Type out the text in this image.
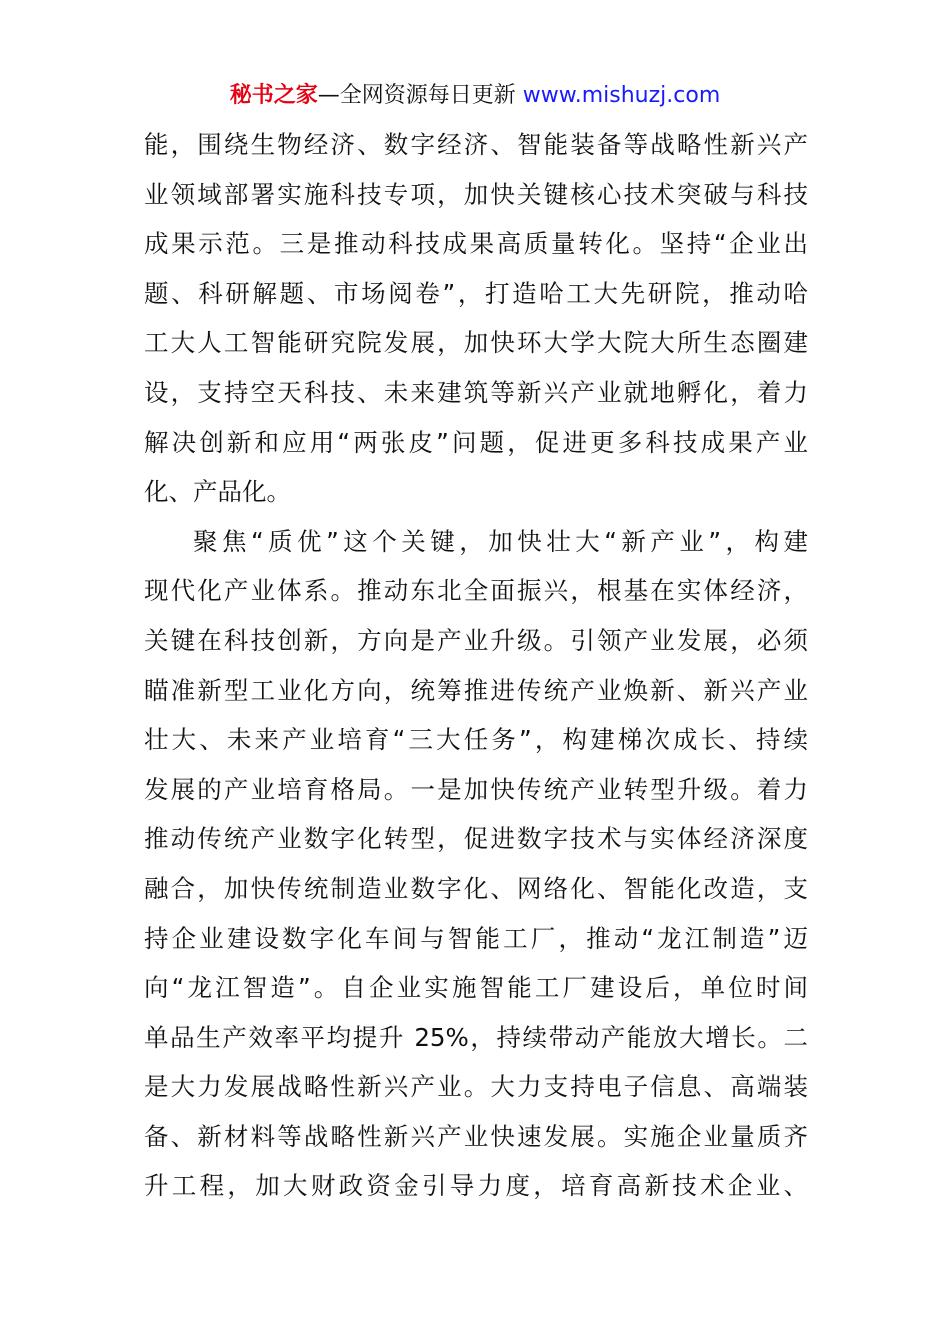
秘书之家—全网资源每日更新 www.mishuzj.com
能，围绕生物经济、数字经济、智能装备等战略性新兴产
业领域部署实施科技专项，加快关键核心技术突破与科技
成果示范。三是推动科技成果高质量转化。坚持“企业出
题、科研解题、市场阅卷”，打造哈工大先研院，推动哈
工大人工智能研究院发展，加快环大学大院大所生态圈建
设，支持空天科技、未来建筑等新兴产业就地孵化，着力
解决创新和应用“两张皮”问题，促进更多科技成果产业
化、产品化。
聚焦“质优”这个关键，加快壮大“新产业”，构建
现代化产业体系。推动东北全面振兴，根基在实体经济，
关键在科技创新，方向是产业升级。引领产业发展，必须
瞄准新型工业化方向，统筹推进传统产业焕新、新兴产业
壮大、未来产业培育“三大任务”，构建梯次成长、持续
发展的产业培育格局。一是加快传统产业转型升级。着力
推动传统产业数字化转型，促进数字技术与实体经济深度
融合，加快传统制造业数字化、网络化、智能化改造，支
持企业建设数字化车间与智能工厂，推动“龙江制造”迈
向“龙江智造”。自企业实施智能工厂建设后，单位时间
单品生产效率平均提升 25%，持续带动产能放大增长。二
是大力发展战略性新兴产业。大力支持电子信息、高端装
备、新材料等战略性新兴产业快速发展。实施企业量质齐
升工程，加大财政资金引导力度，培育高新技术企业、
